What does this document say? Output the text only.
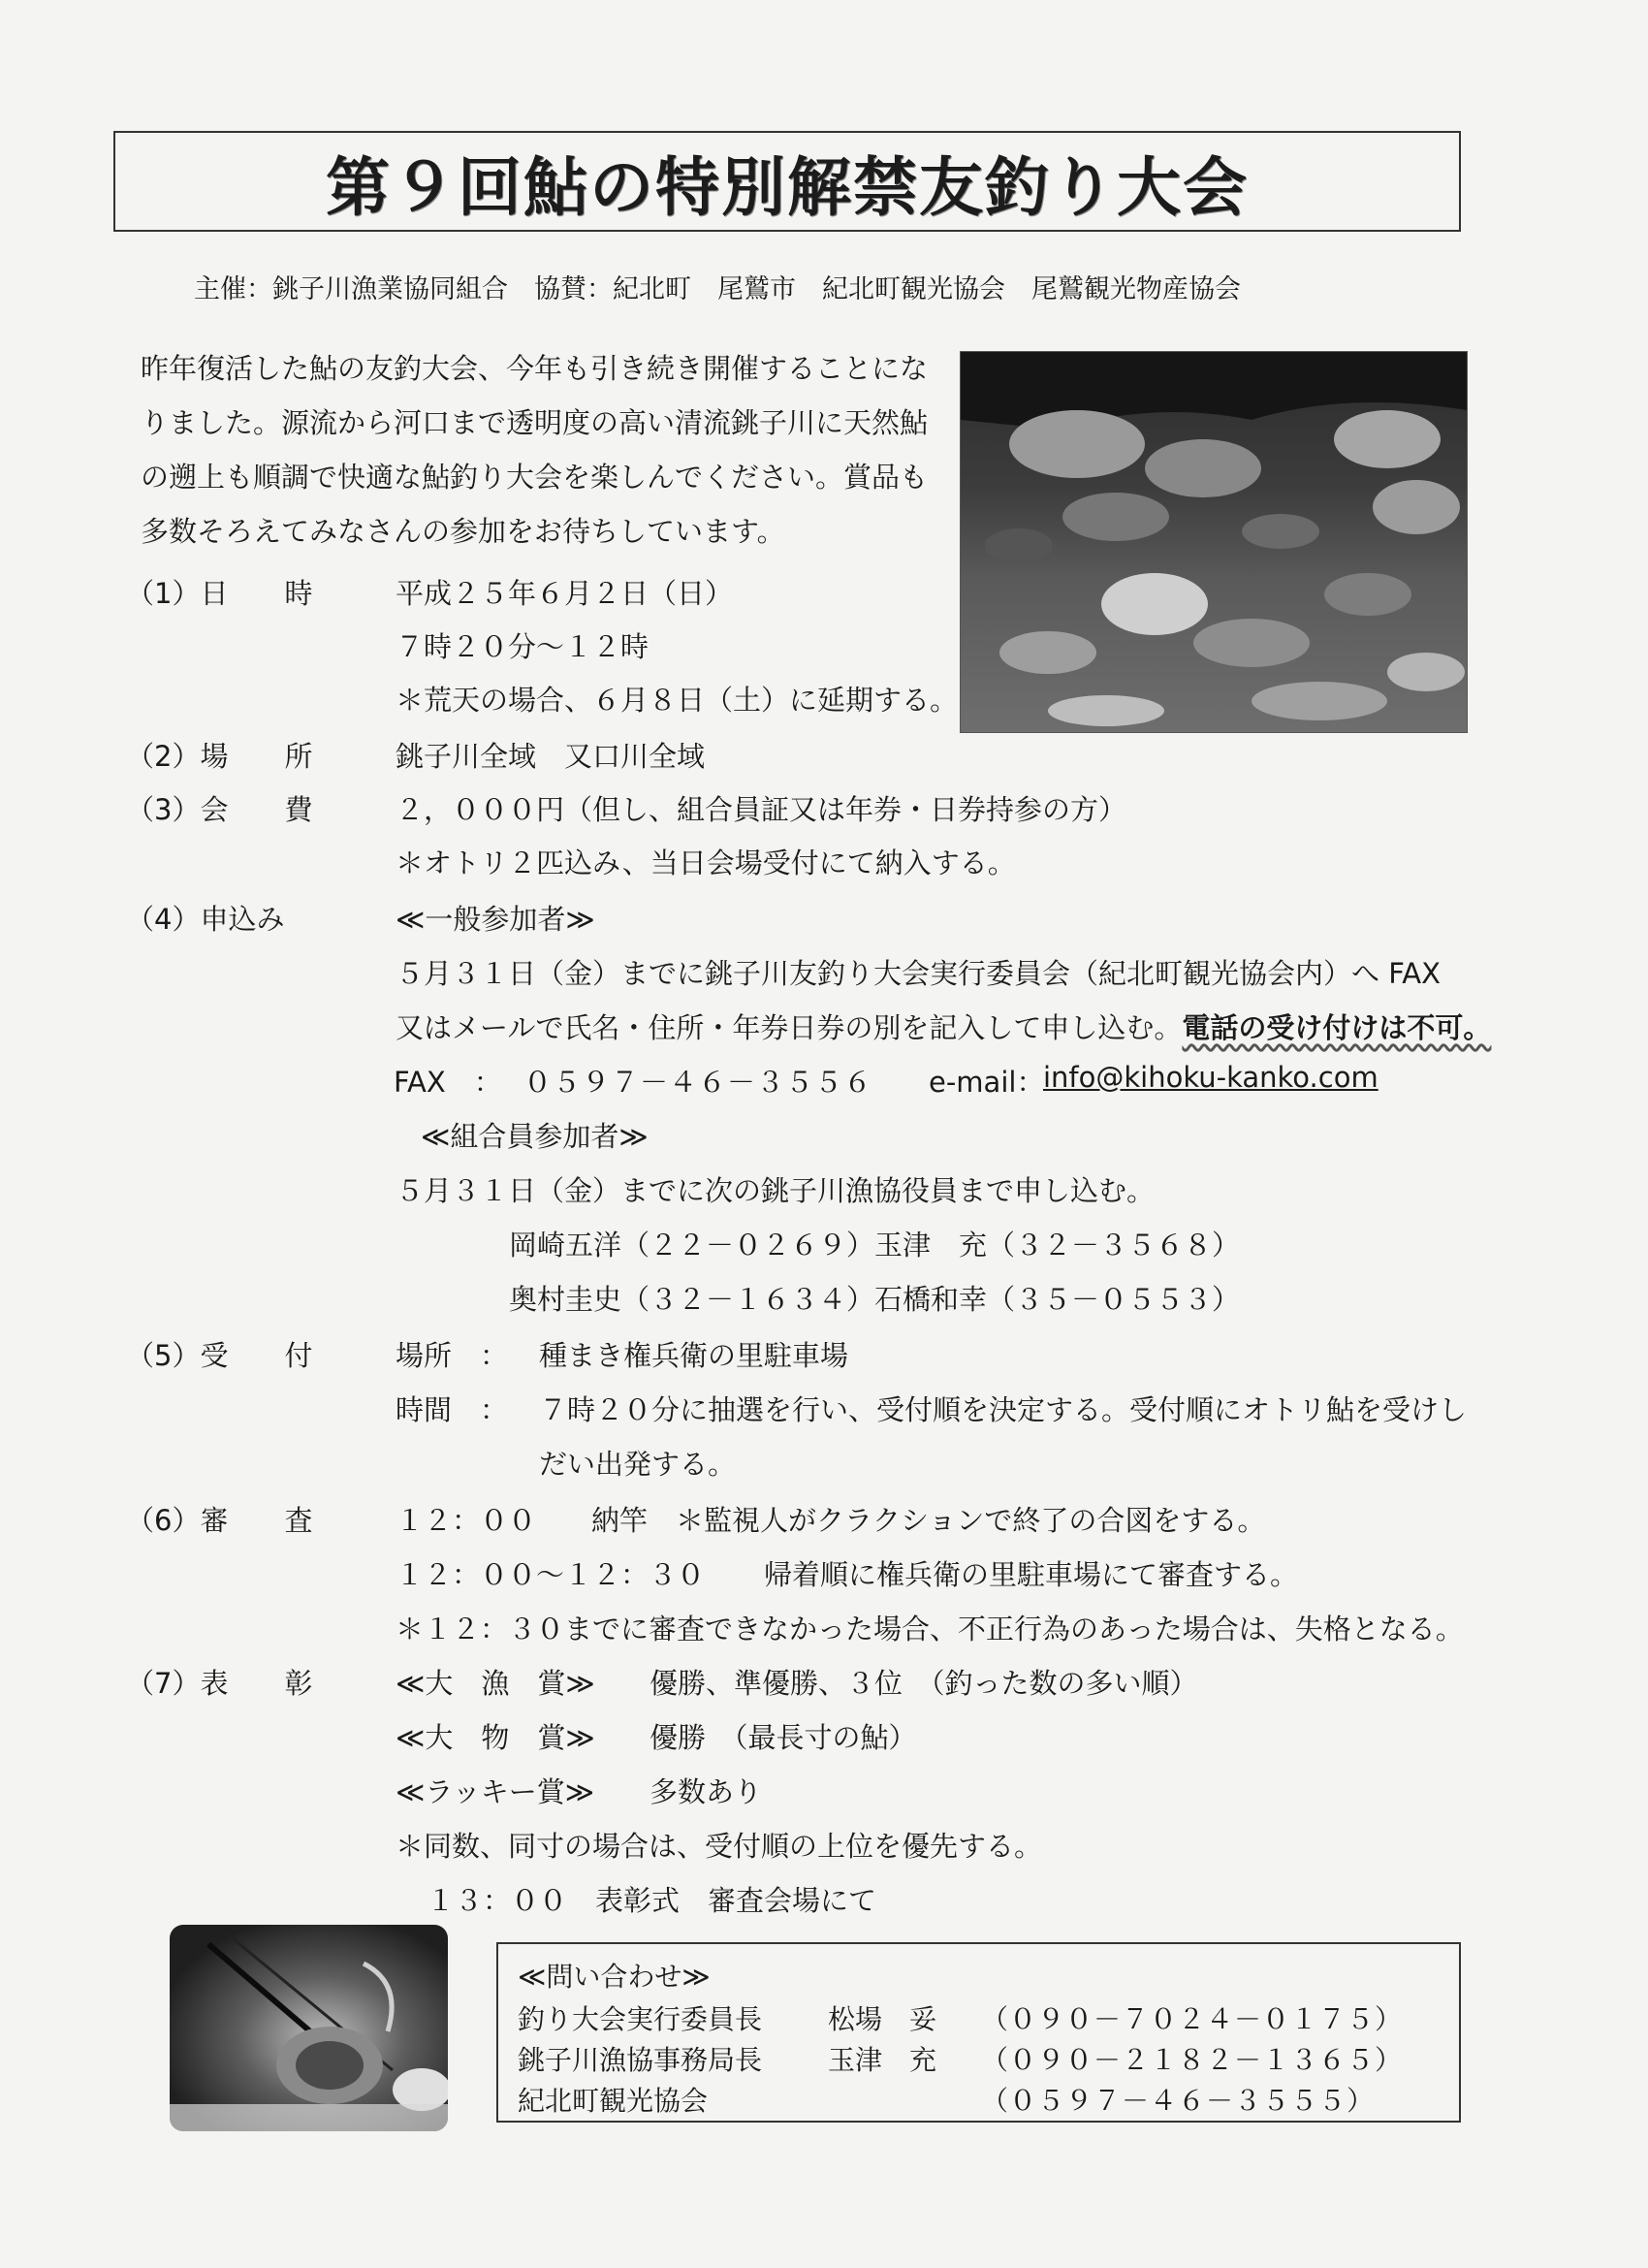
第９回鮎の特別解禁友釣り大会
主催：銚子川漁業協同組合　協賛：紀北町　尾鷲市　紀北町観光協会　尾鷲観光物産協会
昨年復活した鮎の友釣大会、今年も引き続き開催することにな
りました。源流から河口まで透明度の高い清流銚子川に天然鮎
の遡上も順調で快適な鮎釣り大会を楽しんでください。賞品も
多数そろえてみなさんの参加をお待ちしています。
（1）日　　時	平成２５年６月２日（日）
７時２０分～１２時
＊荒天の場合、６月８日（土）に延期する。
（2）場　　所	銚子川全域　又口川全域
（3）会　　費	２，０００円（但し、組合員証又は年券・日券持参の方）
＊オトリ２匹込み、当日会場受付にて納入する。
（4）申込み	≪一般参加者≫
５月３１日（金）までに銚子川友釣り大会実行委員会（紀北町観光協会内）へ FAX
又はメールで氏名・住所・年券日券の別を記入して申し込む。電話の受け付けは不可。
FAX　： ０５９７－４６－３５５６ e-mail：
info@kihoku-kanko.com
≪組合員参加者≫
５月３１日（金）までに次の銚子川漁協役員まで申し込む。
岡崎五洋（２２－０２６９）玉津　充（３２－３５６８）
奥村圭史（３２－１６３４）石橋和幸（３５－０５５３）
（5）受　　付	場所　： 種まき権兵衛の里駐車場
時間　： ７時２０分に抽選を行い、受付順を決定する。受付順にオトリ鮎を受けし
だい出発する。
（6）審　　査	１２：００ 納竿　＊監視人がクラクションで終了の合図をする。
１２：００～１２：３０ 帰着順に権兵衛の里駐車場にて審査する。
＊１２：３０までに審査できなかった場合、不正行為のあった場合は、失格となる。
（7）表　　彰	≪大　漁　賞≫ 優勝、準優勝、３位　（釣った数の多い順）
≪大　物　賞≫ 優勝　（最長寸の鮎）
≪ラッキー賞≫ 多数あり
＊同数、同寸の場合は、受付順の上位を優先する。
１３：００　表彰式　審査会場にて
≪問い合わせ≫
釣り大会実行委員長 松場　妥 （０９０－７０２４－０１７５）
銚子川漁協事務局長 玉津　充 （０９０－２１８２－１３６５）
紀北町観光協会	（０５９７－４６－３５５５）
